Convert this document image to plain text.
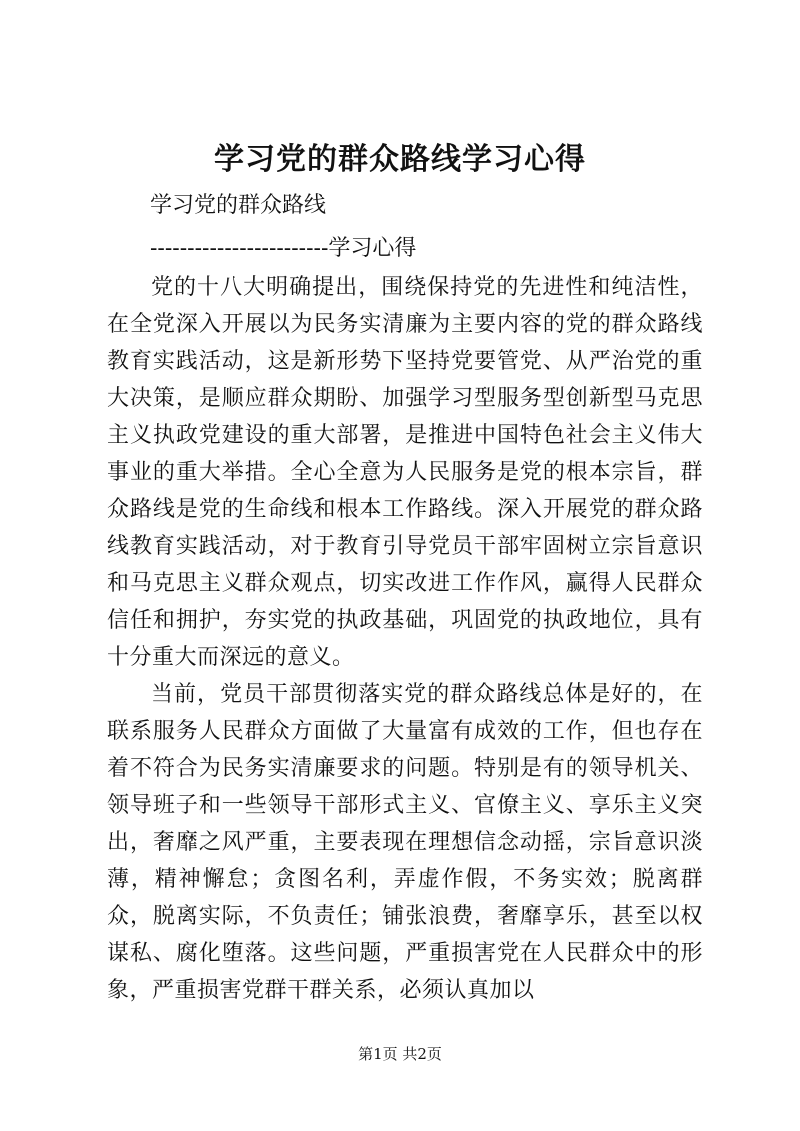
学习党的群众路线学习心得
学习党的群众路线
------------------------学习心得

党的十八大明确提出，围绕保持党的先进性和纯洁性，在全党深入开展以为民务实清廉为主要内容的党的群众路线教育实践活动，这是新形势下坚持党要管党、从严治党的重大决策，是顺应群众期盼、加强学习型服务型创新型马克思主义执政党建设的重大部署，是推进中国特色社会主义伟大事业的重大举措。全心全意为人民服务是党的根本宗旨，群众路线是党的生命线和根本工作路线。深入开展党的群众路线教育实践活动，对于教育引导党员干部牢固树立宗旨意识和马克思主义群众观点，切实改进工作作风，赢得人民群众信任和拥护，夯实党的执政基础，巩固党的执政地位，具有十分重大而深远的意义。

当前，党员干部贯彻落实党的群众路线总体是好的，在联系服务人民群众方面做了大量富有成效的工作，但也存在着不符合为民务实清廉要求的问题。特别是有的领导机关、领导班子和一些领导干部形式主义、官僚主义、享乐主义突出，奢靡之风严重，主要表现在理想信念动摇，宗旨意识淡薄，精神懈怠；贪图名利，弄虚作假，不务实效；脱离群众，脱离实际，不负责任；铺张浪费，奢靡享乐，甚至以权谋私、腐化堕落。这些问题，严重损害党在人民群众中的形象，严重损害党群干群关系，必须认真加以

第1页 共2页
